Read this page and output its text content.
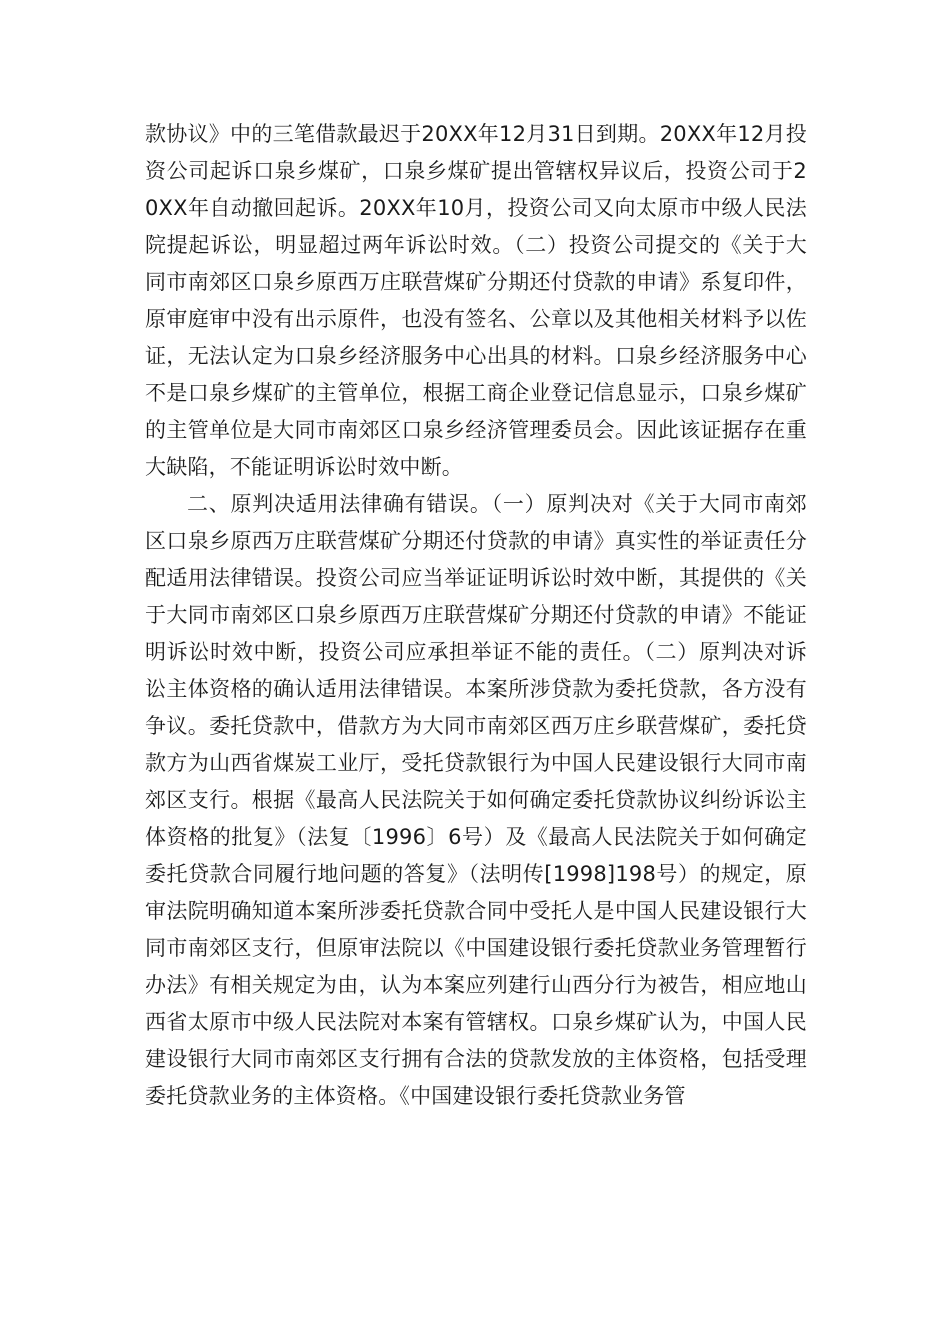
款协议》中的三笔借款最迟于20XX年12月31日到期。20XX年12月投资公司起诉口泉乡煤矿，口泉乡煤矿提出管辖权异议后，投资公司于20XX年自动撤回起诉。20XX年10月，投资公司又向太原市中级人民法院提起诉讼，明显超过两年诉讼时效。（二）投资公司提交的《关于大同市南郊区口泉乡原西万庄联营煤矿分期还付贷款的申请》系复印件，原审庭审中没有出示原件，也没有签名、公章以及其他相关材料予以佐证，无法认定为口泉乡经济服务中心出具的材料。口泉乡经济服务中心不是口泉乡煤矿的主管单位，根据工商企业登记信息显示，口泉乡煤矿的主管单位是大同市南郊区口泉乡经济管理委员会。因此该证据存在重大缺陷，不能证明诉讼时效中断。

二、原判决适用法律确有错误。（一）原判决对《关于大同市南郊区口泉乡原西万庄联营煤矿分期还付贷款的申请》真实性的举证责任分配适用法律错误。投资公司应当举证证明诉讼时效中断，其提供的《关于大同市南郊区口泉乡原西万庄联营煤矿分期还付贷款的申请》不能证明诉讼时效中断，投资公司应承担举证不能的责任。（二）原判决对诉讼主体资格的确认适用法律错误。本案所涉贷款为委托贷款，各方没有争议。委托贷款中，借款方为大同市南郊区西万庄乡联营煤矿，委托贷款方为山西省煤炭工业厅，受托贷款银行为中国人民建设银行大同市南郊区支行。根据《最高人民法院关于如何确定委托贷款协议纠纷诉讼主体资格的批复》（法复〔1996〕6号）及《最高人民法院关于如何确定委托贷款合同履行地问题的答复》（法明传[1998]198号）的规定，原审法院明确知道本案所涉委托贷款合同中受托人是中国人民建设银行大同市南郊区支行，但原审法院以《中国建设银行委托贷款业务管理暂行办法》有相关规定为由，认为本案应列建行山西分行为被告，相应地山西省太原市中级人民法院对本案有管辖权。口泉乡煤矿认为，中国人民建设银行大同市南郊区支行拥有合法的贷款发放的主体资格，包括受理委托贷款业务的主体资格。《中国建设银行委托贷款业务管
